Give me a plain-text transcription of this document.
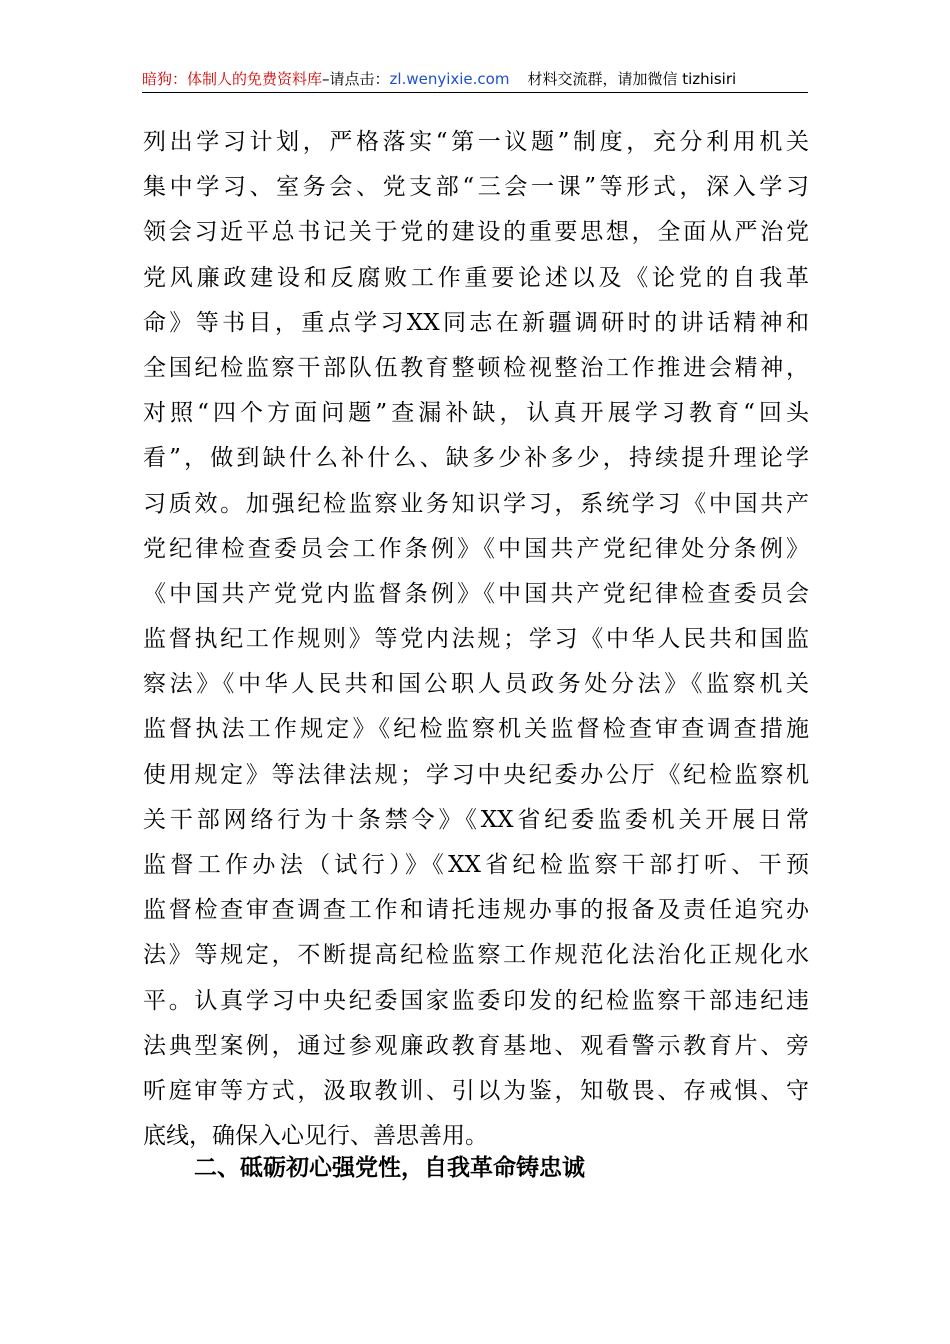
暗狗：体制人的免费资料库–请点击：zl.wenyixie.com 材料交流群，请加微信 tizhisiri
列出学习计划，严格落实“第一议题”制度，充分利用机关
集中学习、室务会、党支部“三会一课”等形式，深入学习
领会习近平总书记关于党的建设的重要思想，全面从严治党
党风廉政建设和反腐败工作重要论述以及《论党的自我革
命》等书目，重点学习XX同志在新疆调研时的讲话精神和
全国纪检监察干部队伍教育整顿检视整治工作推进会精神，
对照“四个方面问题”查漏补缺，认真开展学习教育“回头
看”，做到缺什么补什么、缺多少补多少，持续提升理论学
习质效。加强纪检监察业务知识学习，系统学习《中国共产
党纪律检查委员会工作条例》《中国共产党纪律处分条例》
《中国共产党党内监督条例》《中国共产党纪律检查委员会
监督执纪工作规则》等党内法规；学习《中华人民共和国监
察法》《中华人民共和国公职人员政务处分法》《监察机关
监督执法工作规定》《纪检监察机关监督检查审查调查措施
使用规定》等法律法规；学习中央纪委办公厅《纪检监察机
关干部网络行为十条禁令》《XX省纪委监委机关开展日常
监督工作办法（试行）》《XX省纪检监察干部打听、干预
监督检查审查调查工作和请托违规办事的报备及责任追究办
法》等规定，不断提高纪检监察工作规范化法治化正规化水
平。认真学习中央纪委国家监委印发的纪检监察干部违纪违
法典型案例，通过参观廉政教育基地、观看警示教育片、旁
听庭审等方式，汲取教训、引以为鉴，知敬畏、存戒惧、守
底线，确保入心见行、善思善用。
二、砥砺初心强党性，自我革命铸忠诚
